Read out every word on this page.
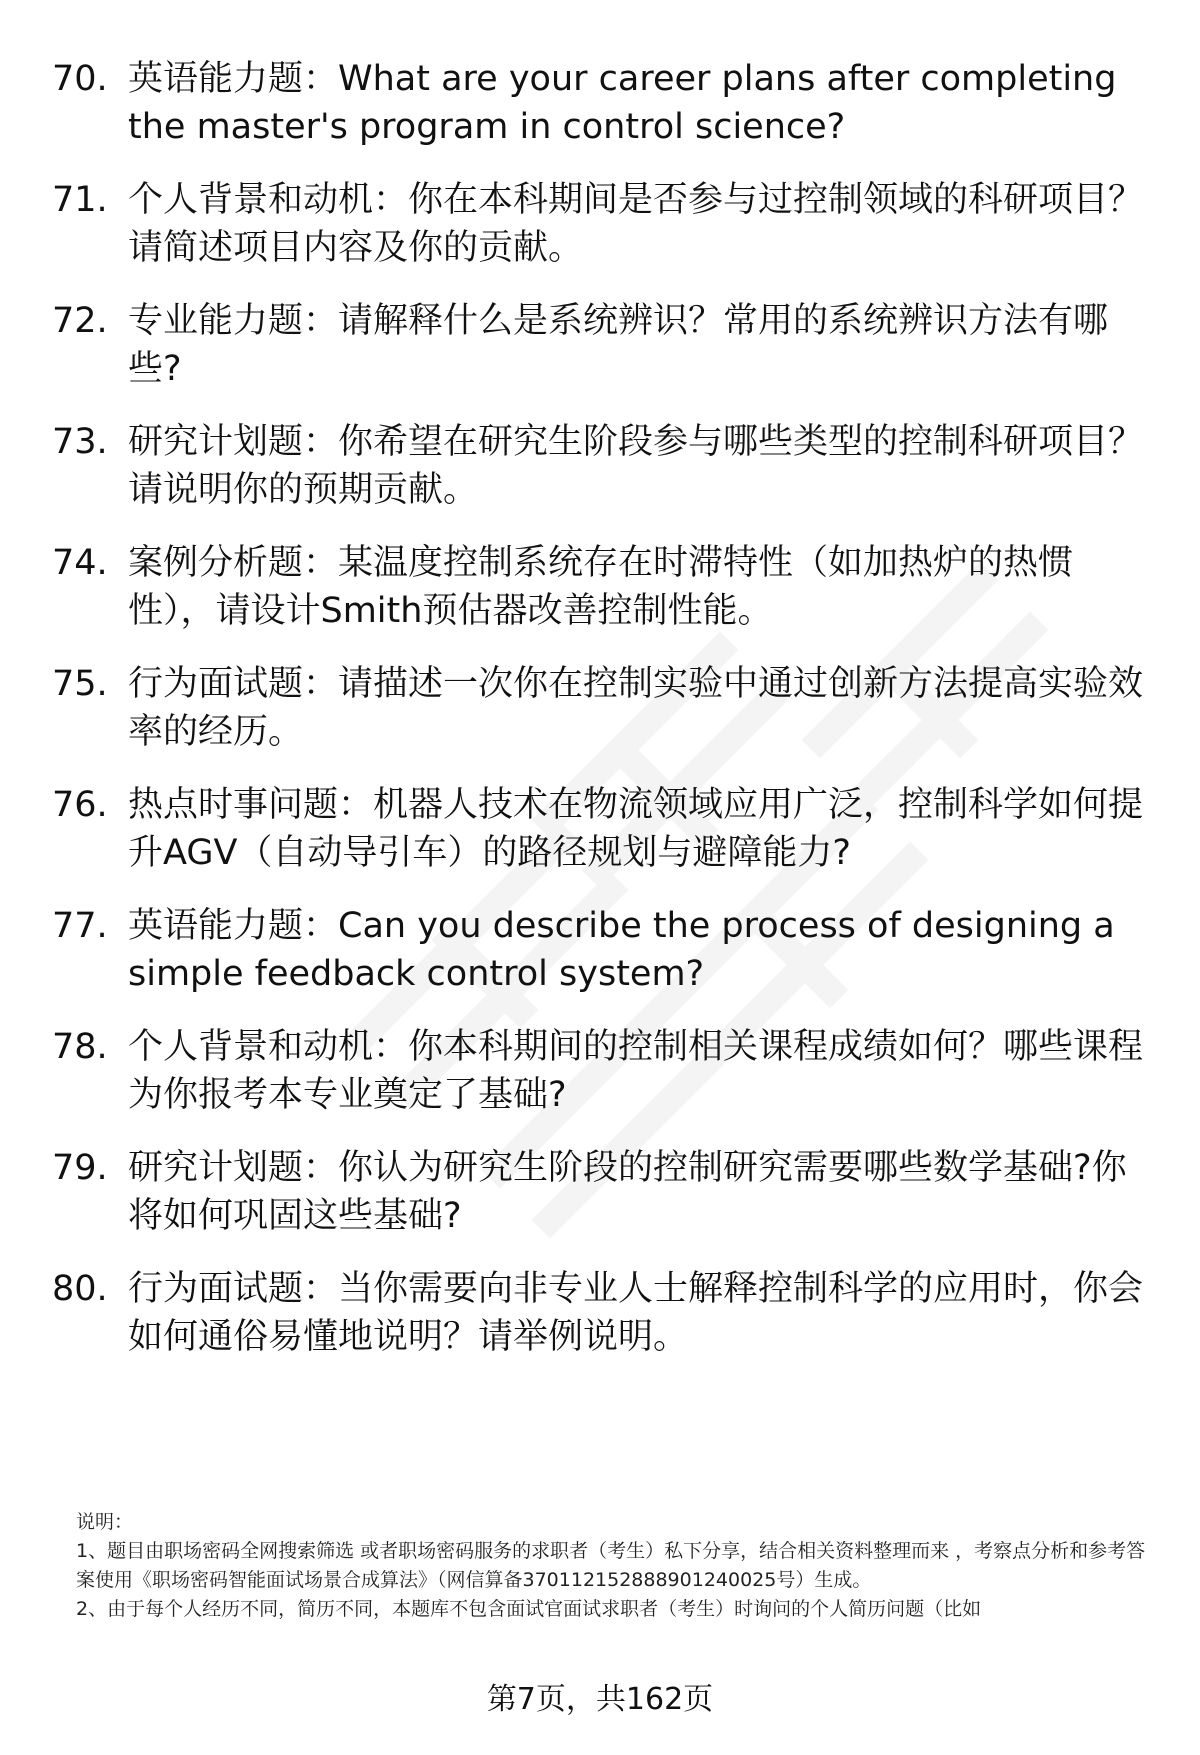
70. 英语能力题：What are your career plans after completing the master's program in control science?
71. 个人背景和动机：你在本科期间是否参与过控制领域的科研项目？请简述项目内容及你的贡献。
72. 专业能力题：请解释什么是系统辨识？常用的系统辨识方法有哪些?
73. 研究计划题：你希望在研究生阶段参与哪些类型的控制科研项目？请说明你的预期贡献。
74. 案例分析题：某温度控制系统存在时滞特性（如加热炉的热惯性），请设计Smith预估器改善控制性能。
75. 行为面试题：请描述一次你在控制实验中通过创新方法提高实验效率的经历。
76. 热点时事问题：机器人技术在物流领域应用广泛，控制科学如何提升AGV（自动导引车）的路径规划与避障能力?
77. 英语能力题：Can you describe the process of designing a simple feedback control system?
78. 个人背景和动机：你本科期间的控制相关课程成绩如何？哪些课程为你报考本专业奠定了基础?
79. 研究计划题：你认为研究生阶段的控制研究需要哪些数学基础?你将如何巩固这些基础?
80. 行为面试题：当你需要向非专业人士解释控制科学的应用时，你会如何通俗易懂地说明？请举例说明。

说明：

1、题目由职场密码全网搜索筛选 或者职场密码服务的求职者（考生）私下分享，结合相关资料整理而来 ，考察点分析和参考答案使用《职场密码智能面试场景合成算法》（网信算备370112152888901240025号）生成。

2、由于每个人经历不同，简历不同，本题库不包含面试官面试求职者（考生）时询问的个人简历问题（比如

第7页，共162页
